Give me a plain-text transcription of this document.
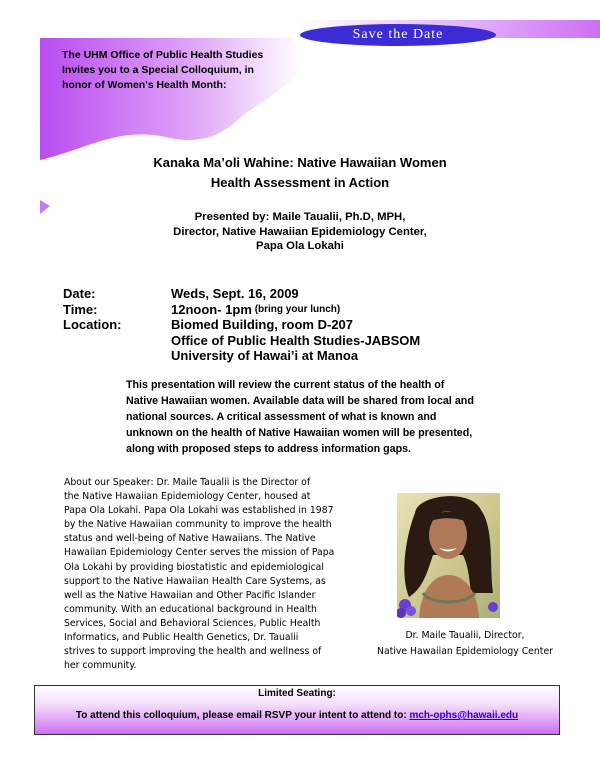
Save the Date
The UHM Office of Public Health Studies
Invites you to a Special Colloquium, in
honor of Women's Health Month:
Kanaka Ma’oli Wahine: Native Hawaiian Women
Health Assessment in Action
Presented by: Maile Taualii, Ph.D, MPH,
Director, Native Hawaiian Epidemiology Center,
Papa Ola Lokahi
Date:	Weds, Sept. 16, 2009
Time:	12noon- 1pm (bring your lunch)
Location:	Biomed Building, room D-207
Office of Public Health Studies-JABSOM
University of Hawai’i at Manoa
This presentation will review the current status of the health of
Native Hawaiian women. Available data will be shared from local and
national sources. A critical assessment of what is known and
unknown on the health of Native Hawaiian women will be presented,
along with proposed steps to address information gaps.
About our Speaker: Dr. Maile Taualii is the Director of
the Native Hawaiian Epidemiology Center, housed at
Papa Ola Lokahi. Papa Ola Lokahi was established in 1987
by the Native Hawaiian community to improve the health
status and well-being of Native Hawaiians. The Native
Hawaiian Epidemiology Center serves the mission of Papa
Ola Lokahi by providing biostatistic and epidemiological
support to the Native Hawaiian Health Care Systems, as
well as the Native Hawaiian and Other Pacific Islander
community. With an educational background in Health
Services, Social and Behavioral Sciences, Public Health
Informatics, and Public Health Genetics, Dr. Taualii
strives to support improving the health and wellness of
her community.
Dr. Maile Taualii, Director,
Native Hawaiian Epidemiology Center
Limited Seating:
To attend this colloquium, please email RSVP your intent to attend to: mch-ophs@hawaii.edu
